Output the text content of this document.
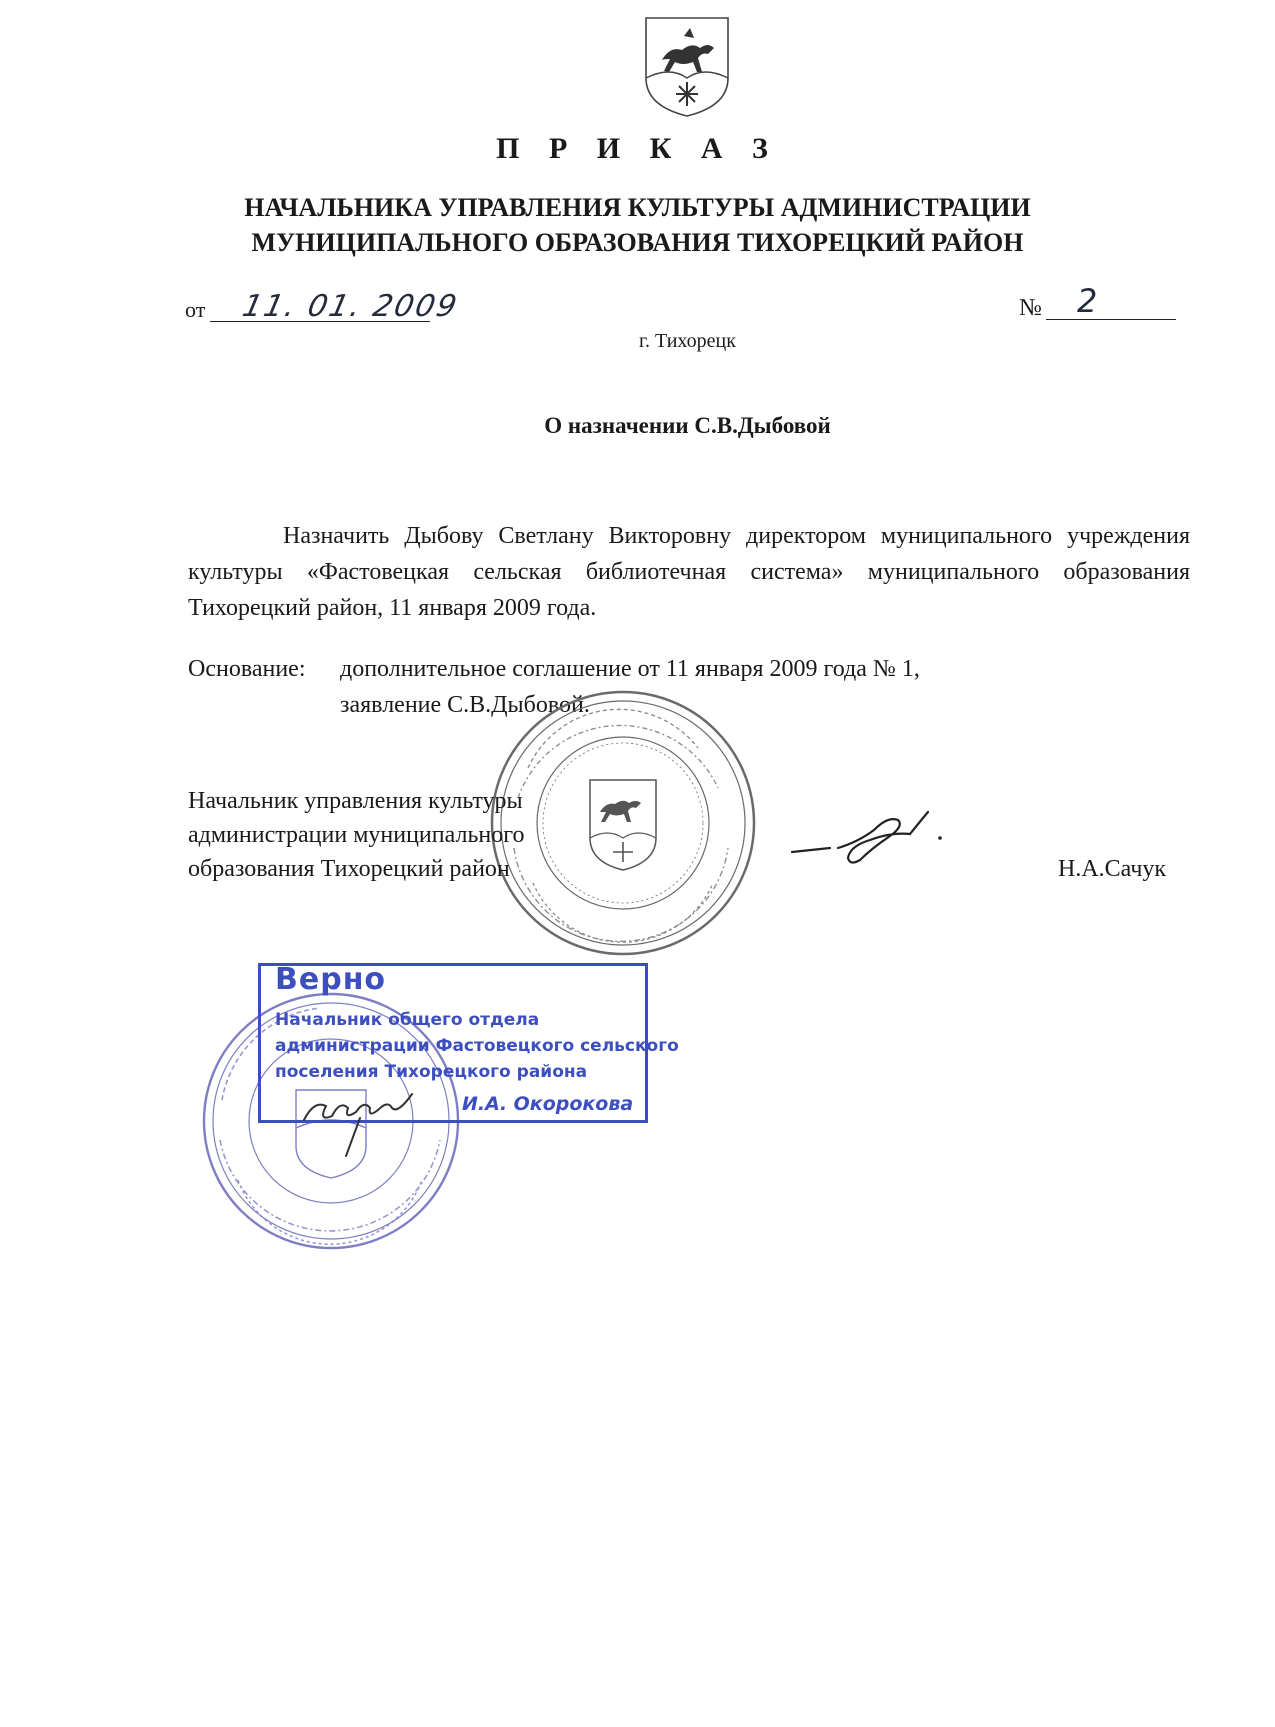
П Р И К А З
НАЧАЛЬНИКА УПРАВЛЕНИЯ КУЛЬТУРЫ АДМИНИСТРАЦИИ
МУНИЦИПАЛЬНОГО ОБРАЗОВАНИЯ ТИХОРЕЦКИЙ РАЙОН
от 11. 01. 2009	№ 2
г. Тихорецк
О назначении С.В.Дыбовой

Назначить Дыбову Светлану Викторовну директором муниципального учреждения культуры «Фастовецкая сельская библиотечная система» муниципального образования Тихорецкий район, 11 января 2009 года.

Основание: дополнительное соглашение от 11 января 2009 года № 1,
заявление С.В.Дыбовой.
Начальник управления культуры
администрации муниципального
образования Тихорецкий район	Н.А.Сачук
Верно
Начальник общего отдела
администрации Фастовецкого сельского
поселения Тихорецкого района
И.А. Окорокова
